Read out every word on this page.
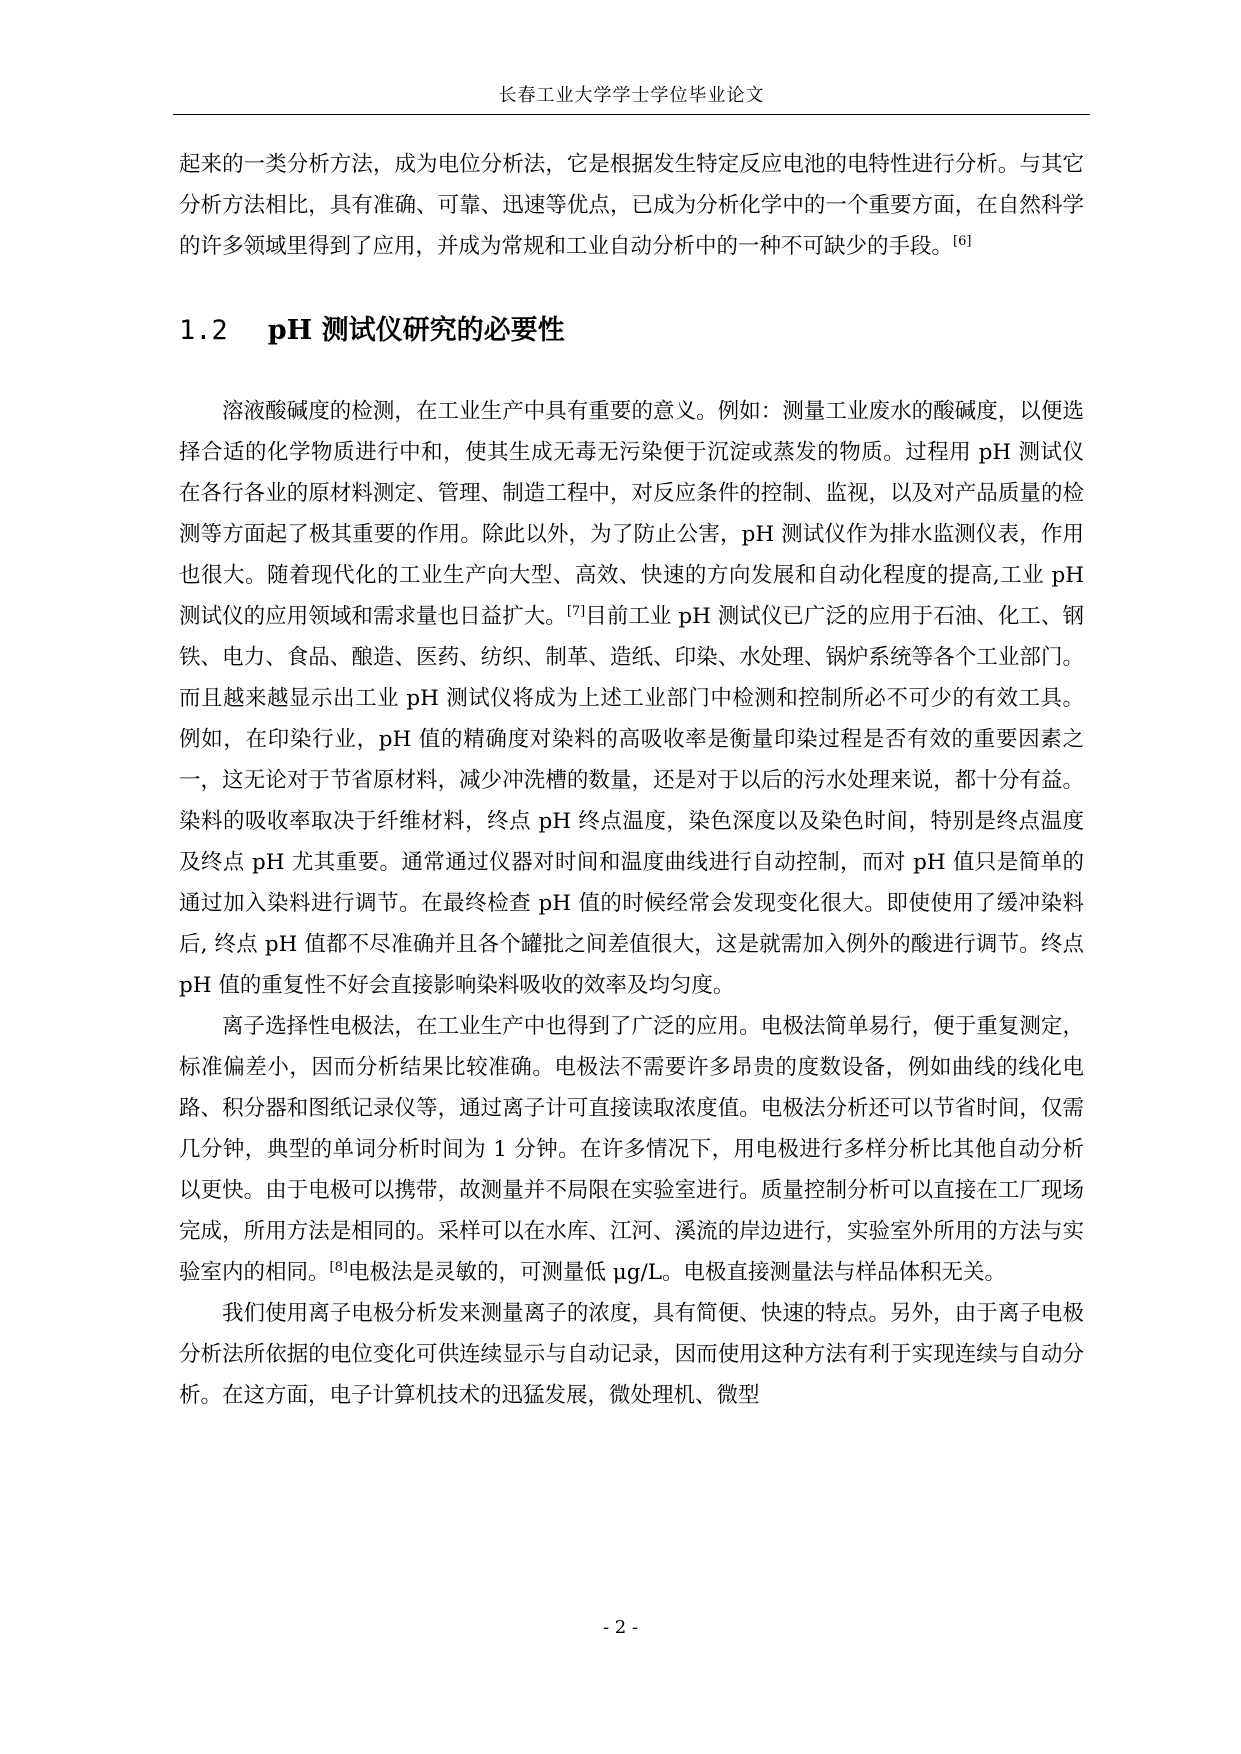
长春工业大学学士学位毕业论文

起来的一类分析方法，成为电位分析法，它是根据发生特定反应电池的电特性进行分析。与其它分析方法相比，具有准确、可靠、迅速等优点，已成为分析化学中的一个重要方面，在自然科学的许多领域里得到了应用，并成为常规和工业自动分析中的一种不可缺少的手段。[6]

1.2 pH 测试仪研究的必要性

溶液酸碱度的检测，在工业生产中具有重要的意义。例如：测量工业废水的酸碱度，以便选择合适的化学物质进行中和，使其生成无毒无污染便于沉淀或蒸发的物质。过程用 pH 测试仪在各行各业的原材料测定、管理、制造工程中，对反应条件的控制、监视，以及对产品质量的检测等方面起了极其重要的作用。除此以外，为了防止公害，pH 测试仪作为排水监测仪表，作用也很大。随着现代化的工业生产向大型、高效、快速的方向发展和自动化程度的提高,工业 pH 测试仪的应用领域和需求量也日益扩大。[7]目前工业 pH 测试仪已广泛的应用于石油、化工、钢铁、电力、食品、酿造、医药、纺织、制革、造纸、印染、水处理、锅炉系统等各个工业部门。而且越来越显示出工业 pH 测试仪将成为上述工业部门中检测和控制所必不可少的有效工具。例如，在印染行业，pH 值的精确度对染料的高吸收率是衡量印染过程是否有效的重要因素之一，这无论对于节省原材料，减少冲洗槽的数量，还是对于以后的污水处理来说，都十分有益。染料的吸收率取决于纤维材料，终点 pH 终点温度，染色深度以及染色时间，特别是终点温度及终点 pH 尤其重要。通常通过仪器对时间和温度曲线进行自动控制，而对 pH 值只是简单的通过加入染料进行调节。在最终检查 pH 值的时候经常会发现变化很大。即使使用了缓冲染料后, 终点 pH 值都不尽准确并且各个罐批之间差值很大，这是就需加入例外的酸进行调节。终点 pH 值的重复性不好会直接影响染料吸收的效率及均匀度。

离子选择性电极法，在工业生产中也得到了广泛的应用。电极法简单易行，便于重复测定，标准偏差小，因而分析结果比较准确。电极法不需要许多昂贵的度数设备，例如曲线的线化电路、积分器和图纸记录仪等，通过离子计可直接读取浓度值。电极法分析还可以节省时间，仅需几分钟，典型的单词分析时间为 1 分钟。在许多情况下，用电极进行多样分析比其他自动分析以更快。由于电极可以携带，故测量并不局限在实验室进行。质量控制分析可以直接在工厂现场完成，所用方法是相同的。采样可以在水库、江河、溪流的岸边进行，实验室外所用的方法与实验室内的相同。[8]电极法是灵敏的，可测量低 μg/L。电极直接测量法与样品体积无关。

我们使用离子电极分析发来测量离子的浓度，具有简便、快速的特点。另外，由于离子电极分析法所依据的电位变化可供连续显示与自动记录，因而使用这种方法有利于实现连续与自动分析。在这方面，电子计算机技术的迅猛发展，微处理机、微型

- 2 -
